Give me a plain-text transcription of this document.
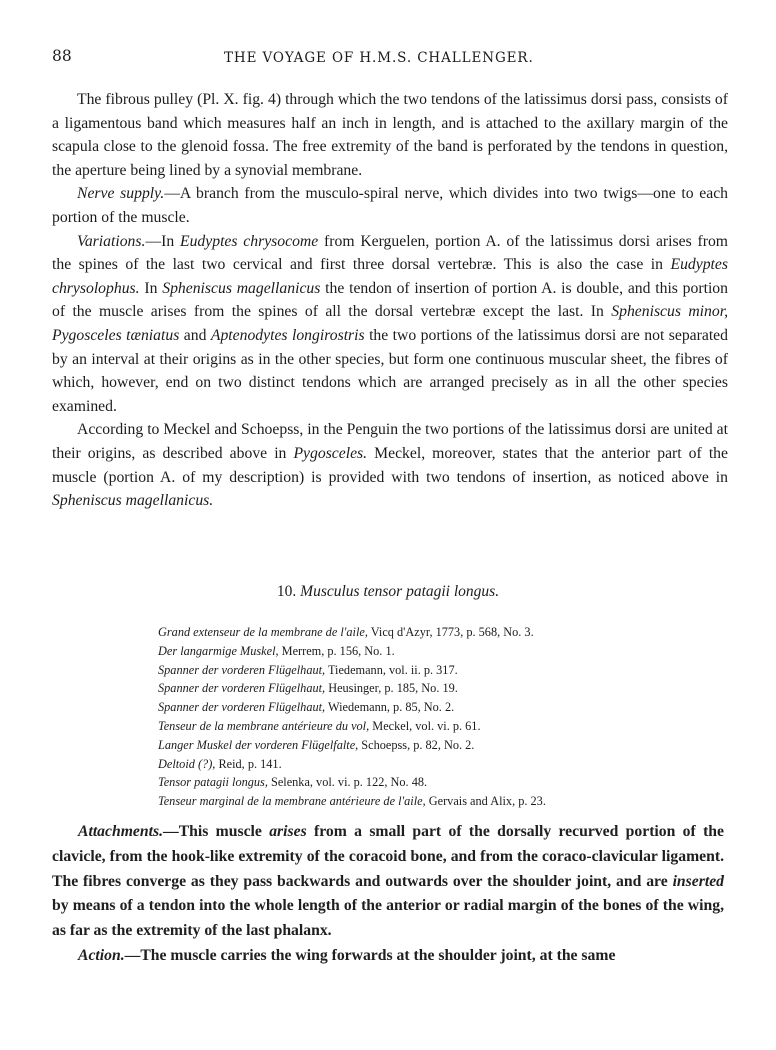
88	THE VOYAGE OF H.M.S. CHALLENGER.

The fibrous pulley (Pl. X. fig. 4) through which the two tendons of the latissimus dorsi pass, consists of a ligamentous band which measures half an inch in length, and is attached to the axillary margin of the scapula close to the glenoid fossa. The free extremity of the band is perforated by the tendons in question, the aperture being lined by a synovial membrane.

Nerve supply.—A branch from the musculo-spiral nerve, which divides into two twigs—one to each portion of the muscle.

Variations.—In Eudyptes chrysocome from Kerguelen, portion A. of the latissimus dorsi arises from the spines of the last two cervical and first three dorsal vertebræ. This is also the case in Eudyptes chrysolophus. In Spheniscus magellanicus the tendon of insertion of portion A. is double, and this portion of the muscle arises from the spines of all the dorsal vertebræ except the last. In Spheniscus minor, Pygosceles tæniatus and Aptenodytes longirostris the two portions of the latissimus dorsi are not separated by an interval at their origins as in the other species, but form one continuous muscular sheet, the fibres of which, however, end on two distinct tendons which are arranged precisely as in all the other species examined.

According to Meckel and Schoepss, in the Penguin the two portions of the latissimus dorsi are united at their origins, as described above in Pygosceles. Meckel, moreover, states that the anterior part of the muscle (portion A. of my description) is provided with two tendons of insertion, as noticed above in Spheniscus magellanicus.

10. Musculus tensor patagii longus.
Grand extenseur de la membrane de l'aile, Vicq d'Azyr, 1773, p. 568, No. 3.
Der langarmige Muskel, Merrem, p. 156, No. 1.
Spanner der vorderen Flügelhaut, Tiedemann, vol. ii. p. 317.
Spanner der vorderen Flügelhaut, Heusinger, p. 185, No. 19.
Spanner der vorderen Flügelhaut, Wiedemann, p. 85, No. 2.
Tenseur de la membrane antérieure du vol, Meckel, vol. vi. p. 61.
Langer Muskel der vorderen Flügelfalte, Schoepss, p. 82, No. 2.
Deltoid (?), Reid, p. 141.
Tensor patagii longus, Selenka, vol. vi. p. 122, No. 48.
Tenseur marginal de la membrane antérieure de l'aile, Gervais and Alix, p. 23.

Attachments.—This muscle arises from a small part of the dorsally recurved portion of the clavicle, from the hook-like extremity of the coracoid bone, and from the coraco-clavicular ligament. The fibres converge as they pass backwards and outwards over the shoulder joint, and are inserted by means of a tendon into the whole length of the anterior or radial margin of the bones of the wing, as far as the extremity of the last phalanx.

Action.—The muscle carries the wing forwards at the shoulder joint, at the same
